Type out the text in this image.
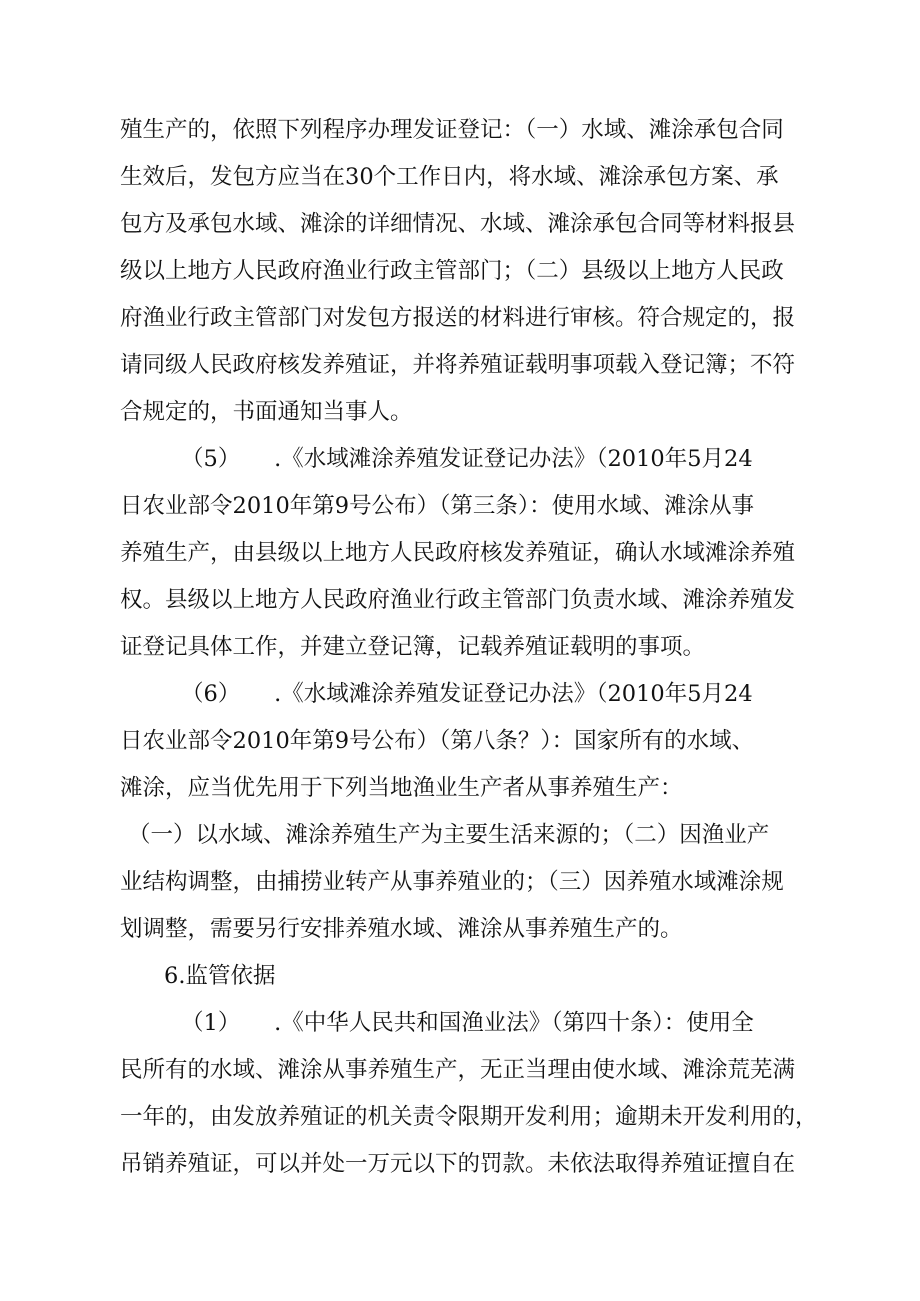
殖生产的，依照下列程序办理发证登记：（一）水域、滩涂承包合同
生效后，发包方应当在30个工作日内，将水域、滩涂承包方案、承
包方及承包水域、滩涂的详细情况、水域、滩涂承包合同等材料报县
级以上地方人民政府渔业行政主管部门；（二）县级以上地方人民政
府渔业行政主管部门对发包方报送的材料进行审核。符合规定的，报
请同级人民政府核发养殖证，并将养殖证载明事项载入登记簿；不符
合规定的，书面通知当事人。
（5）　　.《水域滩涂养殖发证登记办法》（2010年5月24
日农业部令2010年第9号公布）（第三条）：使用水域、滩涂从事
养殖生产，由县级以上地方人民政府核发养殖证，确认水域滩涂养殖
权。县级以上地方人民政府渔业行政主管部门负责水域、滩涂养殖发
证登记具体工作，并建立登记簿，记载养殖证载明的事项。
（6）　　.《水域滩涂养殖发证登记办法》（2010年5月24
日农业部令2010年第9号公布）（第八条？）：国家所有的水域、
滩涂，应当优先用于下列当地渔业生产者从事养殖生产：
（一）以水域、滩涂养殖生产为主要生活来源的；（二）因渔业产
业结构调整，由捕捞业转产从事养殖业的；（三）因养殖水域滩涂规
划调整，需要另行安排养殖水域、滩涂从事养殖生产的。
6.监管依据
（1）　　.《中华人民共和国渔业法》（第四十条）：使用全
民所有的水域、滩涂从事养殖生产，无正当理由使水域、滩涂荒芜满
一年的，由发放养殖证的机关责令限期开发利用；逾期未开发利用的，
吊销养殖证，可以并处一万元以下的罚款。未依法取得养殖证擅自在
